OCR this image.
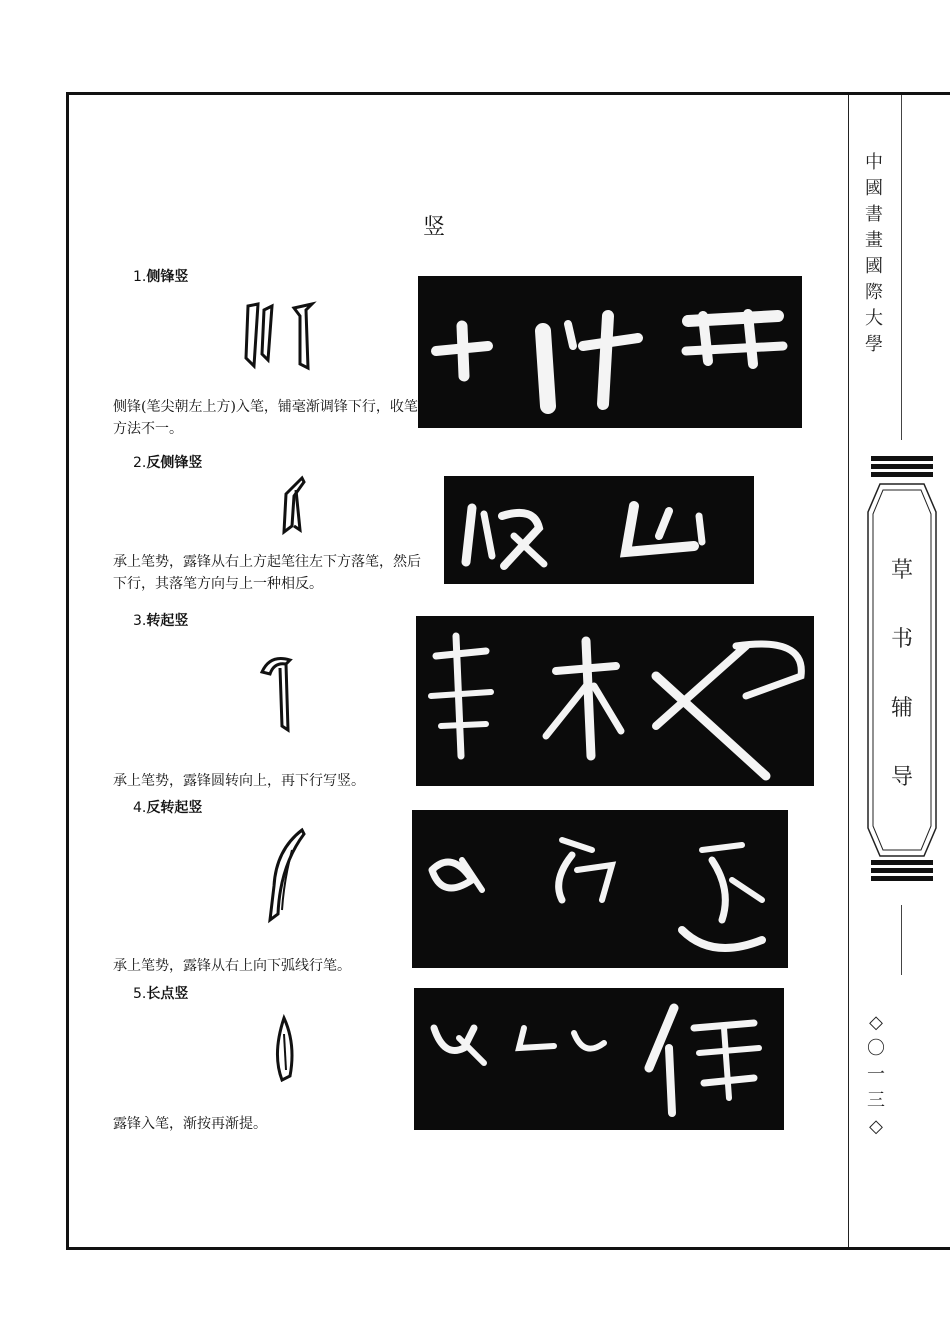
竖
1.侧锋竖
侧锋(笔尖朝左上方)入笔，铺毫渐调锋下行，收笔方法不一。
2.反侧锋竖
承上笔势，露锋从右上方起笔往左下方落笔，然后下行，其落笔方向与上一种相反。
3.转起竖
承上笔势，露锋圆转向上，再下行写竖。
4.反转起竖
承上笔势，露锋从右上向下弧线行笔。
5.长点竖
露锋入笔，渐按再渐提。
中
國
書
畫
國
際
大
學
草
书
辅
导
◇
〇
一
三
◇
